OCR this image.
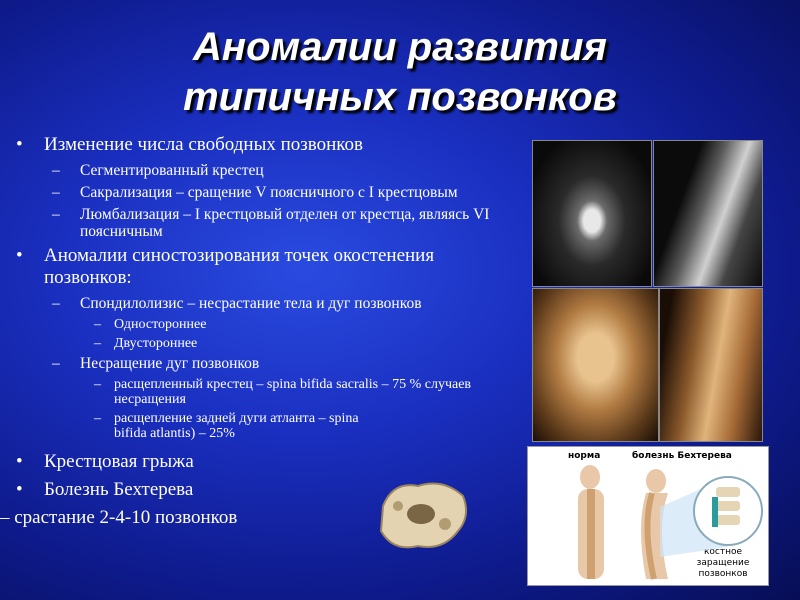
Аномалии развития
типичных позвонков
• Изменение числа свободных позвонков
– Сегментированный крестец
– Сакрализация – сращение V поясничного с I крестцовым
– Люмбализация – I крестцовый отделен от крестца, являясь VI поясничным
• Аномалии синостозирования точек окостенения позвонков:
– Спондилолизис – несрастание тела и дуг позвонков
– Одностороннее
– Двустороннее
– Несращение дуг позвонков
– расщепленный крестец – spina bifida sacralis – 75 % случаев несращения
– расщепление задней дуги атланта – spina bifida atlantis) – 25%
• Крестцовая грыжа
• Болезнь Бехтерева
– срастание 2-4-10 позвонков
норма	болезнь Бехтерева
костное заращение позвонков
